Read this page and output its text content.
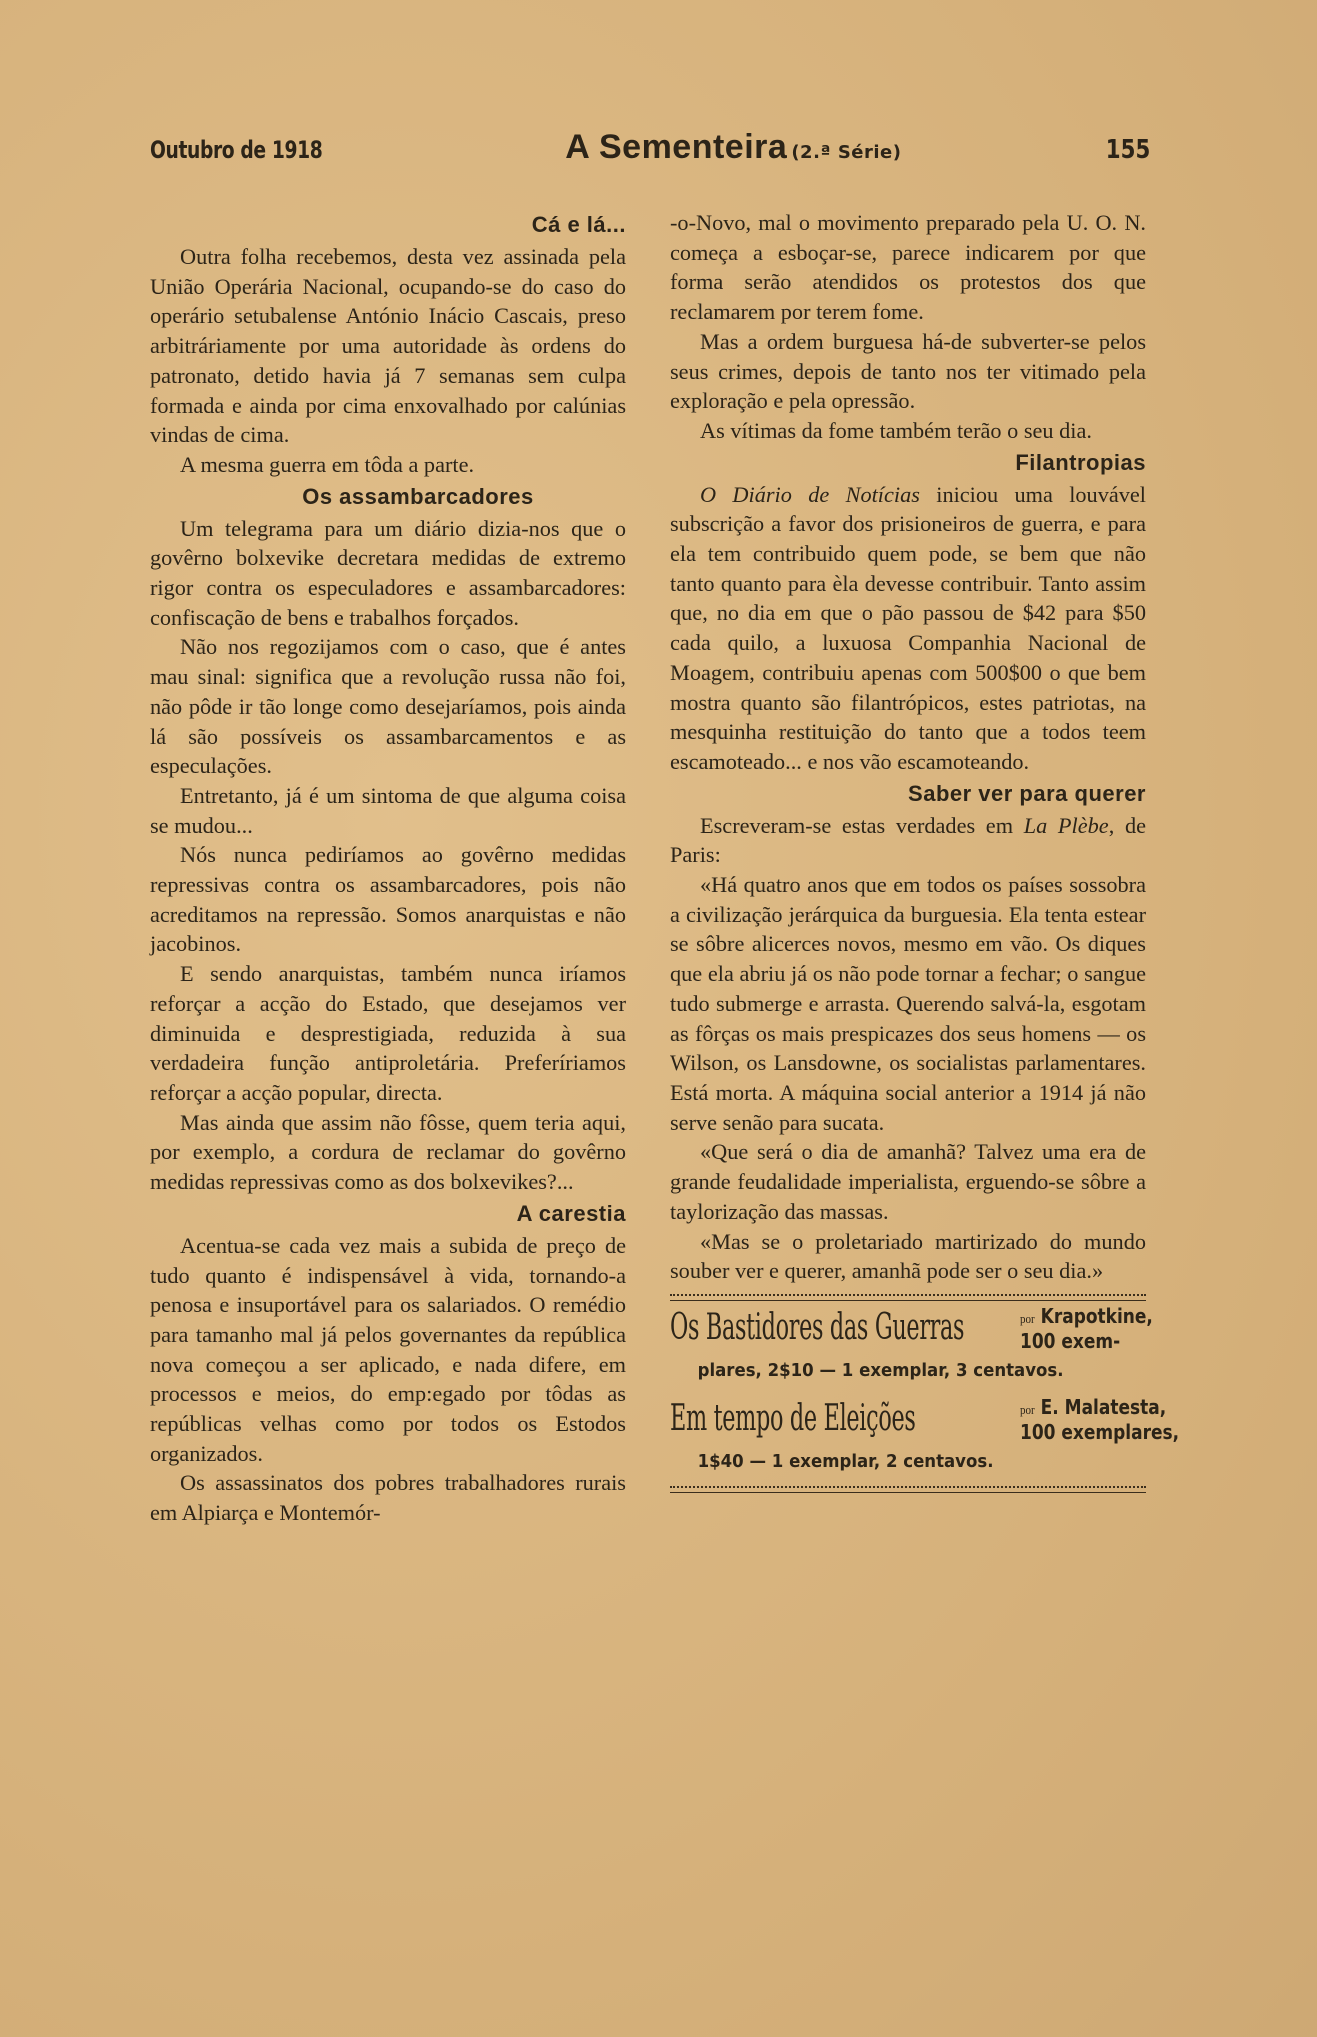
Outubro de 1918	A Sementeira (2.ª Série)	155
Cá e lá...

Outra folha recebemos, desta vez assinada pela União Operária Nacional, ocupando-se do caso do operário setubalense António Inácio Cascais, preso arbitráriamente por uma autoridade às ordens do patronato, detido havia já 7 semanas sem culpa formada e ainda por cima enxovalhado por calúnias vindas de cima.

A mesma guerra em tôda a parte.

Os assambarcadores

Um telegrama para um diário dizia-nos que o govêrno bolxevike decretara medidas de extremo rigor contra os especuladores e assambarcadores: confiscação de bens e trabalhos forçados.

Não nos regozijamos com o caso, que é antes mau sinal: significa que a revolução russa não foi, não pôde ir tão longe como desejaríamos, pois ainda lá são possíveis os assambarcamentos e as especulações.

Entretanto, já é um sintoma de que alguma coisa se mudou...

Nós nunca pediríamos ao govêrno medidas repressivas contra os assambarcadores, pois não acreditamos na repressão. Somos anarquistas e não jacobinos.

E sendo anarquistas, também nunca iríamos reforçar a acção do Estado, que desejamos ver diminuida e desprestigiada, reduzida à sua verdadeira função antiproletária. Preferíriamos reforçar a acção popular, directa.

Mas ainda que assim não fôsse, quem teria aqui, por exemplo, a cordura de reclamar do govêrno medidas repressivas como as dos bolxevikes?...

A carestia

Acentua-se cada vez mais a subida de preço de tudo quanto é indispensável à vida, tornando-a penosa e insuportável para os salariados. O remédio para tamanho mal já pelos governantes da república nova começou a ser aplicado, e nada difere, em processos e meios, do emp:egado por tôdas as repúblicas velhas como por todos os Estodos organizados.

Os assassinatos dos pobres trabalhadores rurais em Alpiarça e Montemór-

-o-Novo, mal o movimento preparado pela U. O. N. começa a esboçar-se, parece indicarem por que forma serão atendidos os protestos dos que reclamarem por terem fome.

Mas a ordem burguesa há-de subverter-se pelos seus crimes, depois de tanto nos ter vitimado pela exploração e pela opressão.

As vítimas da fome também terão o seu dia.

Filantropias

O Diário de Notícias iniciou uma louvável subscrição a favor dos prisioneiros de guerra, e para ela tem contribuido quem pode, se bem que não tanto quanto para èla devesse contribuir. Tanto assim que, no dia em que o pão passou de $42 para $50 cada quilo, a luxuosa Companhia Nacional de Moagem, contribuiu apenas com 500$00 o que bem mostra quanto são filantrópicos, estes patriotas, na mesquinha restituição do tanto que a todos teem escamoteado... e nos vão escamoteando.

Saber ver para querer

Escreveram-se estas verdades em La Plèbe, de Paris:

«Há quatro anos que em todos os países sossobra a civilização jerárquica da burguesia. Ela tenta estear se sôbre alicerces novos, mesmo em vão. Os diques que ela abriu já os não pode tornar a fechar; o sangue tudo submerge e arrasta. Querendo salvá-la, esgotam as fôrças os mais prespicazes dos seus homens — os Wilson, os Lansdowne, os socialistas parlamentares. Está morta. A máquina social anterior a 1914 já não serve senão para sucata.

«Que será o dia de amanhã? Talvez uma era de grande feudalidade imperialista, erguendo-se sôbre a taylorização das massas.

«Mas se o proletariado martirizado do mundo souber ver e querer, amanhã pode ser o seu dia.»

Os Bastidores das Guerras	por Krapotkine,
100 exem-
plares, 2$10 — 1 exemplar, 3 centavos.
Em tempo de Eleições	por E. Malatesta,
100 exemplares,
1$40 — 1 exemplar, 2 centavos.
